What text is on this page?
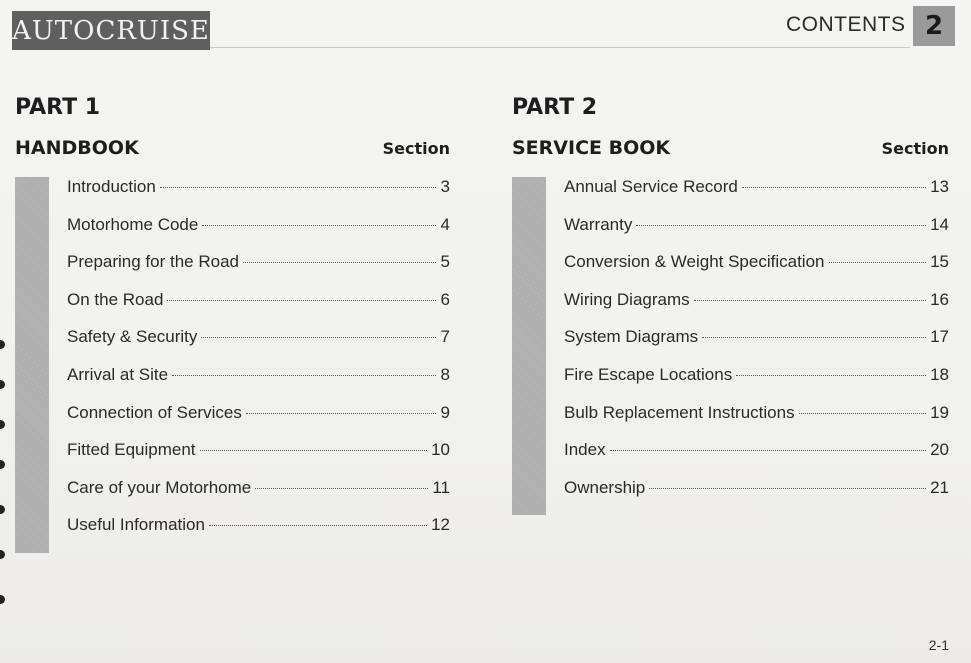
AUTOCRUISE	CONTENTS 2
PART 1
HANDBOOK	Section
Introduction	3
Motorhome Code	4
Preparing for the Road	5
On the Road	6
Safety & Security	7
Arrival at Site	8
Connection of Services	9
Fitted Equipment	10
Care of your Motorhome	11
Useful Information	12
PART 2
SERVICE BOOK	Section
Annual Service Record	13
Warranty	14
Conversion & Weight Specification	15
Wiring Diagrams	16
System Diagrams	17
Fire Escape Locations	18
Bulb Replacement Instructions	19
Index	20
Ownership	21
2-1
